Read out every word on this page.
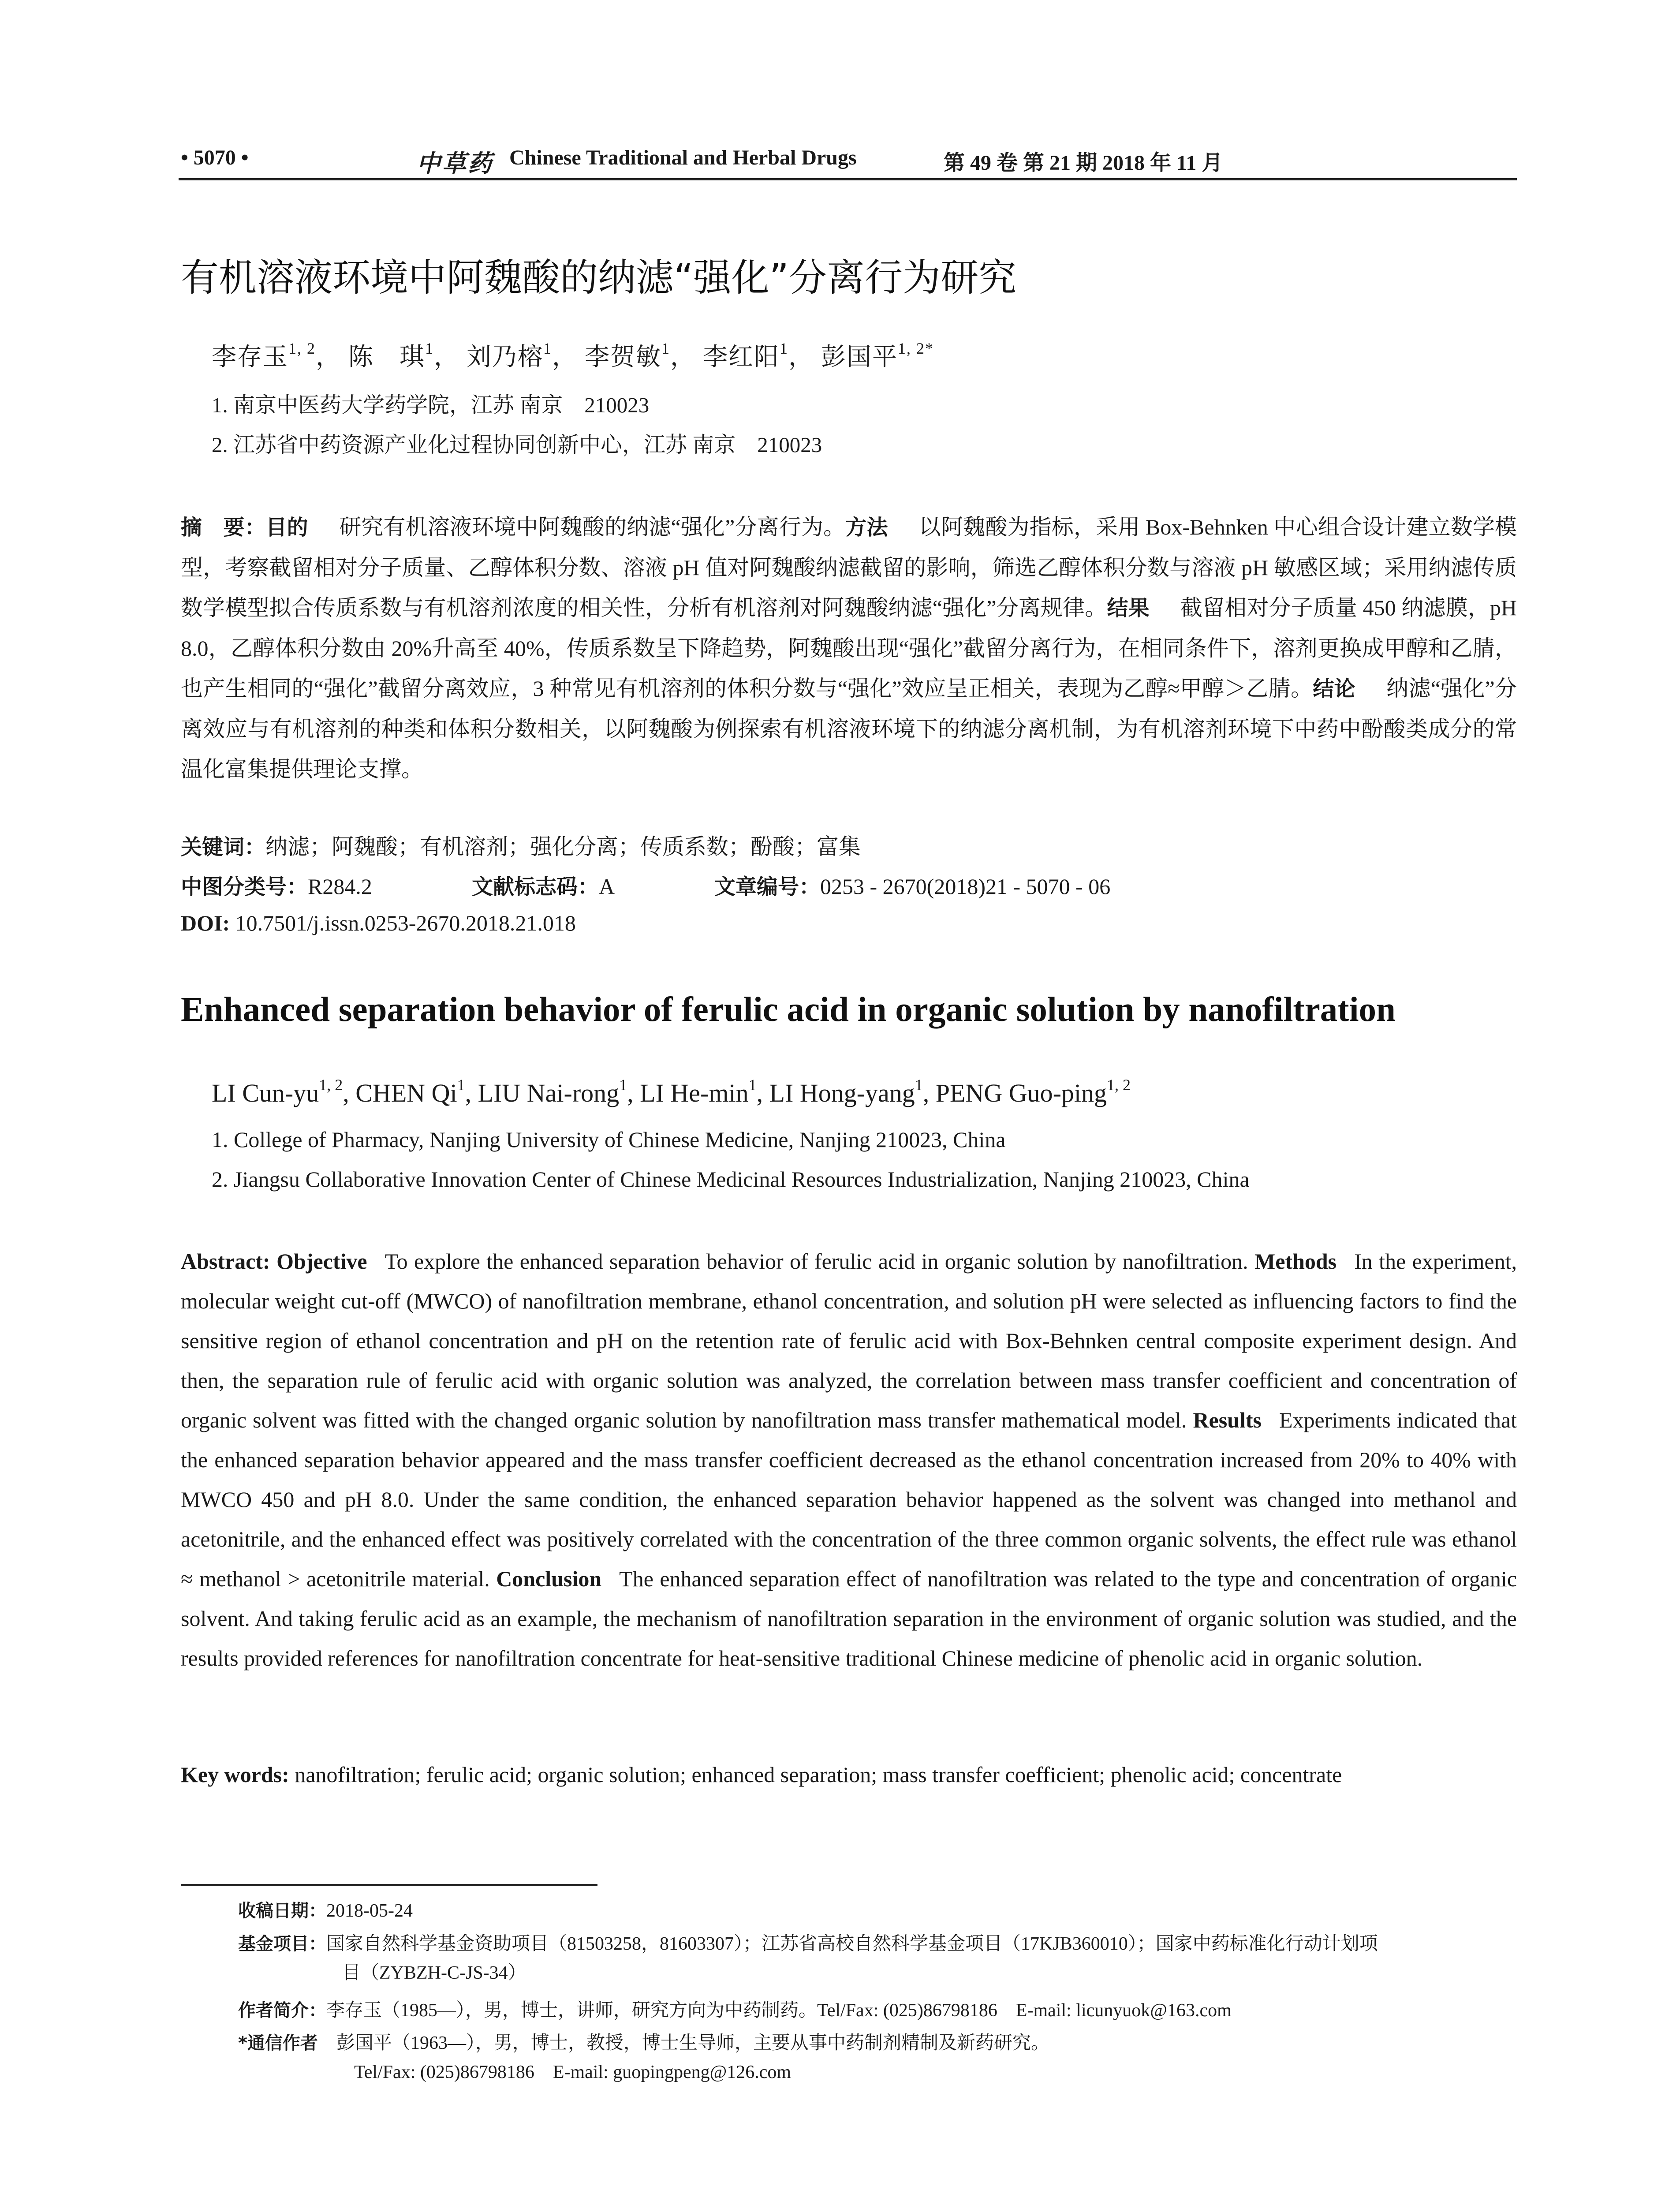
• 5070 •	中草药 Chinese Traditional and Herbal Drugs	第 49 卷 第 21 期 2018 年 11 月
有机溶液环境中阿魏酸的纳滤“强化”分离行为研究
李存玉$^{1, 2}$， 陈　琪$^1$， 刘乃榕$^1$， 李贺敏$^1$， 李红阳$^1$， 彭国平$^{1, 2*}$
1. 南京中医药大学药学院，江苏 南京　210023
2. 江苏省中药资源产业化过程协同创新中心，江苏 南京　210023
摘　要：目的 研究有机溶液环境中阿魏酸的纳滤“强化”分离行为。方法 以阿魏酸为指标，采用 Box-Behnken 中心组合设计建立数学模型，考察截留相对分子质量、乙醇体积分数、溶液 pH 值对阿魏酸纳滤截留的影响，筛选乙醇体积分数与溶液 pH 敏感区域；采用纳滤传质数学模型拟合传质系数与有机溶剂浓度的相关性，分析有机溶剂对阿魏酸纳滤“强化”分离规律。结果 截留相对分子质量 450 纳滤膜，pH 8.0，乙醇体积分数由 20%升高至 40%，传质系数呈下降趋势，阿魏酸出现“强化”截留分离行为，在相同条件下，溶剂更换成甲醇和乙腈，也产生相同的“强化”截留分离效应，3 种常见有机溶剂的体积分数与“强化”效应呈正相关，表现为乙醇≈甲醇＞乙腈。结论 纳滤“强化”分离效应与有机溶剂的种类和体积分数相关，以阿魏酸为例探索有机溶液环境下的纳滤分离机制，为有机溶剂环境下中药中酚酸类成分的常温化富集提供理论支撑。
关键词：纳滤；阿魏酸；有机溶剂；强化分离；传质系数；酚酸；富集
中图分类号：R284.2	文献标志码：A	文章编号：0253 - 2670(2018)21 - 5070 - 06
DOI: 10.7501/j.issn.0253-2670.2018.21.018
Enhanced separation behavior of ferulic acid in organic solution by nanofiltration
LI Cun-yu$^{1, 2}$, CHEN Qi$^1$, LIU Nai-rong$^1$, LI $He-\min^1$, LI Hong-yang$^1$, PENG Guo-ping$^{1, 2}$
1. College of Pharmacy, Nanjing University of Chinese Medicine, Nanjing 210023, China
2. Jiangsu Collaborative Innovation Center of Chinese Medicinal Resources Industrialization, Nanjing 210023, China
Abstract: Objective To explore the enhanced separation behavior of ferulic acid in organic solution by nanofiltration. Methods In the experiment, molecular weight cut-off (MWCO) of nanofiltration membrane, ethanol concentration, and solution pH were selected as influencing factors to find the sensitive region of ethanol concentration and pH on the retention rate of ferulic acid with Box-Behnken central composite experiment design. And then, the separation rule of ferulic acid with organic solution was analyzed, the correlation between mass transfer coefficient and concentration of organic solvent was fitted with the changed organic solution by nanofiltration mass transfer mathematical model. Results Experiments indicated that the enhanced separation behavior appeared and the mass transfer coefficient decreased as the ethanol concentration increased from 20% to 40% with MWCO 450 and pH 8.0. Under the same condition, the enhanced separation behavior happened as the solvent was changed into methanol and acetonitrile, and the enhanced effect was positively correlated with the concentration of the three common organic solvents, the effect rule was ethanol ≈ methanol > acetonitrile material. Conclusion The enhanced separation effect of nanofiltration was related to the type and concentration of organic solvent. And taking ferulic acid as an example, the mechanism of nanofiltration separation in the environment of organic solution was studied, and the results provided references for nanofiltration concentrate for heat-sensitive traditional Chinese medicine of phenolic acid in organic solution.
Key words: nanofiltration; ferulic acid; organic solution; enhanced separation; mass transfer coefficient; phenolic acid; concentrate
收稿日期：2018-05-24
基金项目：国家自然科学基金资助项目（81503258，81603307）；江苏省高校自然科学基金项目（17KJB360010）；国家中药标准化行动计划项
目（ZYBZH-C-JS-34）
作者简介：李存玉（1985—），男，博士，讲师，研究方向为中药制药。Tel/Fax: (025)86798186　E-mail: licunyuok@163.com
*通信作者　 彭国平（1963—），男，博士，教授，博士生导师，主要从事中药制剂精制及新药研究。
Tel/Fax: (025)86798186　E-mail: guopingpeng@126.com
